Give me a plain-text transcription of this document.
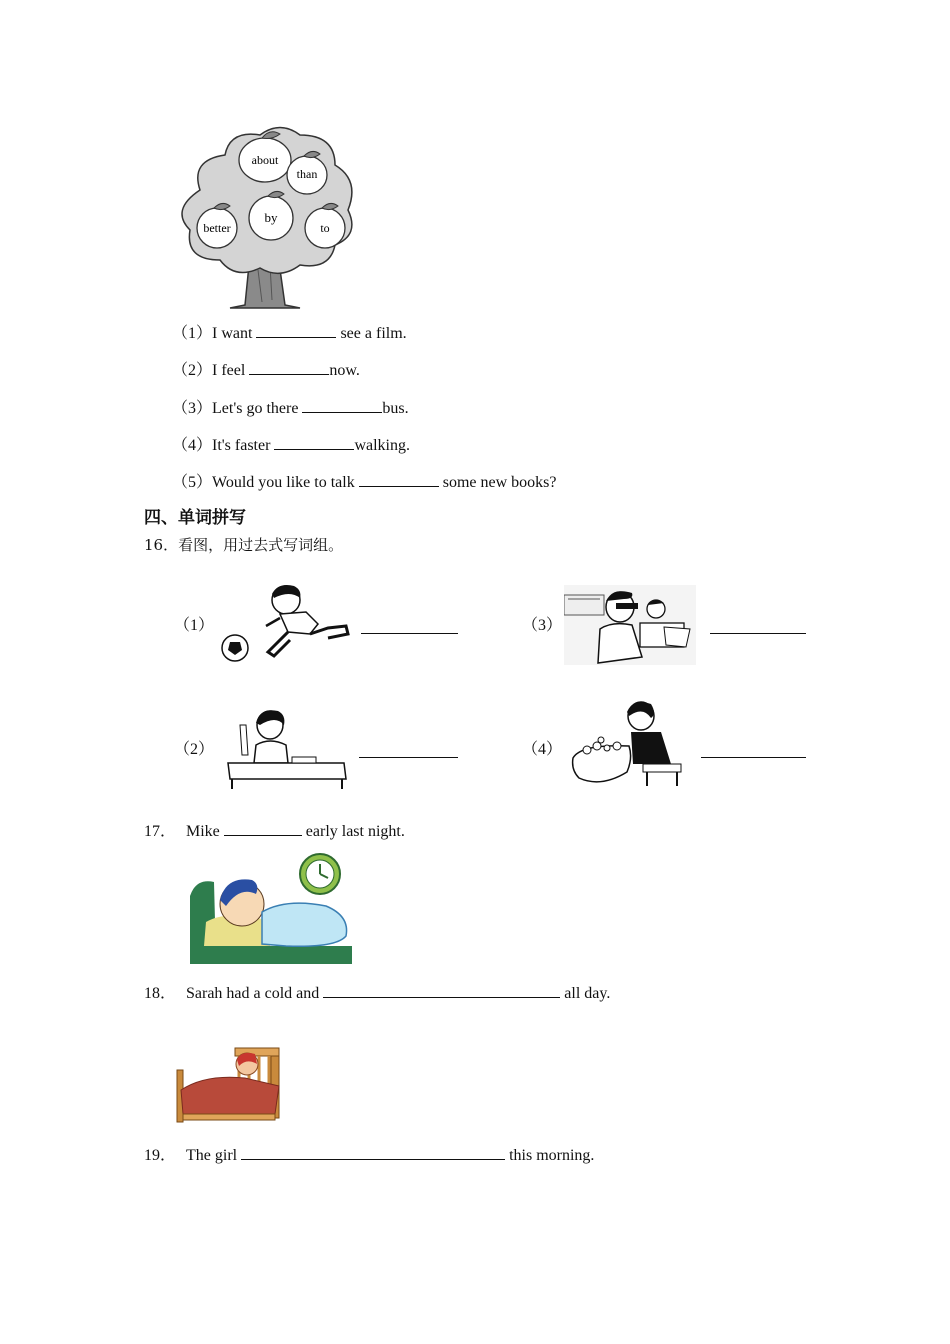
about
than
better
by
to
（1）I want	see a film.
（2）I feel	now.
（3）Let's go there	bus.
（4）It's faster	walking.
（5）Would you like to talk	some new books?
四、单词拼写
16．看图，用过去式写词组。
（1）	（3）
（2）	（4）
17． Mike	early last night.
18． Sarah had a cold and	all day.
19． The girl	this morning.
